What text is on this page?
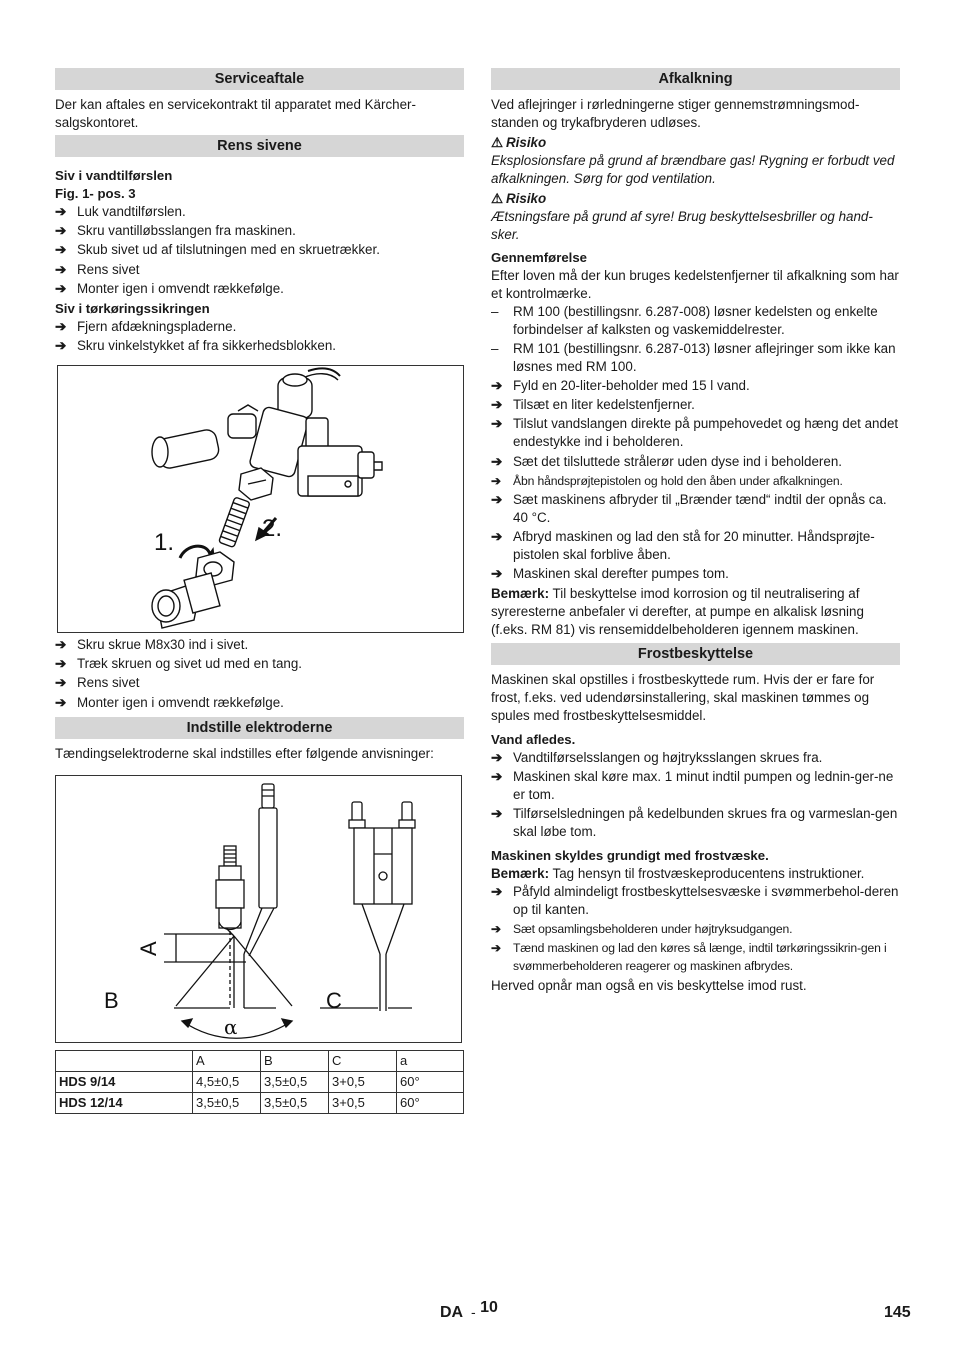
Serviceaftale

Der kan aftales en servicekontrakt til apparatet med Kärcher-salgskontoret.

Rens sivene

Siv i vandtilførslen

Fig. 1- pos. 3

➔ Luk vandtilførslen.
➔ Skru vantilløbsslangen fra maskinen.
➔ Skub sivet ud af tilslutningen med en skruetrækker.
➔ Rens sivet
➔ Monter igen i omvendt rækkefølge.

Siv i tørkøringssikringen

➔ Fjern afdækningspladerne.
➔ Skru vinkelstykket af fra sikkerhedsblokken.
1.
2.
➔ Skru skrue M8x30 ind i sivet.
➔ Træk skruen og sivet ud med en tang.
➔ Rens sivet
➔ Monter igen i omvendt rækkefølge.
Indstille elektroderne

Tændingselektroderne skal indstilles efter følgende anvisninger:

A
B	C
α
	A	B	C	a
HDS 9/14	4,5±0,5	3,5±0,5	3+0,5	60°
HDS 12/14	3,5±0,5	3,5±0,5	3+0,5	60°
Afkalkning

Ved aflejringer i rørledningerne stiger gennemstrømningsmod-standen og trykafbryderen udløses.

⚠ Risiko

Eksplosionsfare på grund af brændbare gas! Rygning er forbudt ved afkalkningen. Sørg for god ventilation.

⚠ Risiko

Ætsningsfare på grund af syre! Brug beskyttelsesbriller og hand-sker.

Gennemførelse

Efter loven må der kun bruges kedelstenfjerner til afkalkning som har et kontrolmærke.

– RM 100 (bestillingsnr. 6.287-008) løsner kedelsten og enkelte forbindelser af kalksten og vaskemiddelrester.
– RM 101 (bestillingsnr. 6.287-013) løsner aflejringer som ikke kan løsnes med RM 100.
➔ Fyld en 20-liter-beholder med 15 l vand.
➔ Tilsæt en liter kedelstenfjerner.
➔ Tilslut vandslangen direkte på pumpehovedet og hæng det andet endestykke ind i beholderen.
➔ Sæt det tilsluttede strålerør uden dyse ind i beholderen.
➔ Åbn håndsprøjtepistolen og hold den åben under afkalkningen.
➔ Sæt maskinens afbryder til „Brænder tænd“ indtil der opnås ca. 40 °C.
➔ Afbryd maskinen og lad den stå for 20 minutter. Håndsprøjte-pistolen skal forblive åben.
➔ Maskinen skal derefter pumpes tom.

Bemærk: Til beskyttelse imod korrosion og til neutralisering af syreresterne anbefaler vi derefter, at pumpe en alkalisk løsning (f.eks. RM 81) vis rensemiddelbeholderen igennem maskinen.

Frostbeskyttelse

Maskinen skal opstilles i frostbeskyttede rum. Hvis der er fare for frost, f.eks. ved udendørsinstallering, skal maskinen tømmes og spules med frostbeskyttelsesmiddel.

Vand afledes.

➔ Vandtilførselsslangen og højtryksslangen skrues fra.
➔ Maskinen skal køre max. 1 minut indtil pumpen og lednin-ger-ne er tom.
➔ Tilførselsledningen på kedelbunden skrues fra og varmeslan-gen skal løbe tom.

Maskinen skyldes grundigt med frostvæske.

Bemærk: Tag hensyn til frostvæskeproducentens instruktioner.

➔ Påfyld almindeligt frostbeskyttelsesvæske i svømmerbehol-deren op til kanten.
➔ Sæt opsamlingsbeholderen under højtryksudgangen.
➔ Tænd maskinen og lad den køres så længe, indtil tørkøringssikrin-gen i svømmerbeholderen reagerer og maskinen afbrydes.

Herved opnår man også en vis beskyttelse imod rust.

DA - 10	145
